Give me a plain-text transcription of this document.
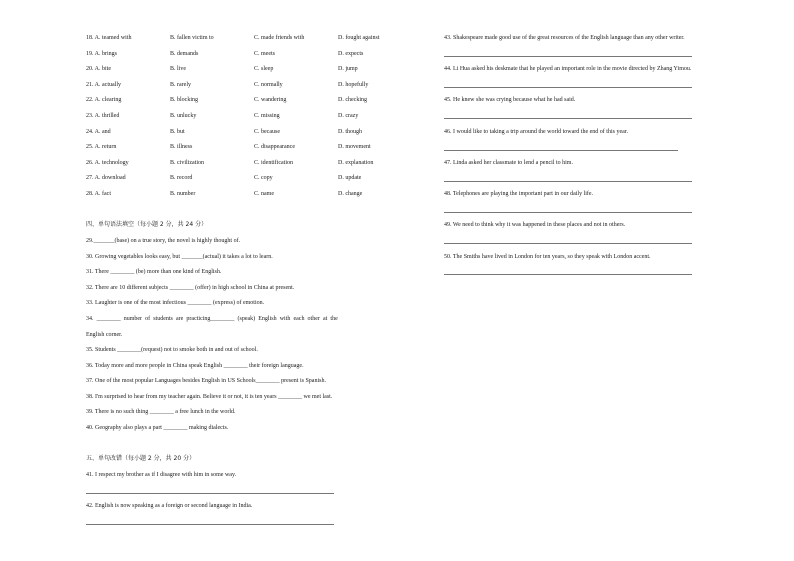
18. A. teamed with	B. fallen victim to	C. made friends with	D. fought against
19. A. brings	B. demands	C. meets	D. expects
20. A. bite	B. live	C. sleep	D. jump
21. A. actually	B. rarely	C. normally	D. hopefully
22. A. clearing	B. blocking	C. wandering	D. checking
23. A. thrilled	B. unlucky	C. missing	D. crazy
24. A. and	B. but	C. because	D. though
25. A. return	B. illness	C. disappearance	D. movement
26. A. technology	B. civilization	C. identification	D. explanation
27. A. download	B. record	C. copy	D. update
28. A. fact	B. number	C. name	D. change
四、单句语法填空（每小题 2 分，共 24 分）
29._______(base) on a true story, the novel is highly thought of.
30. Growing vegetables looks easy, but _______(actual) it takes a lot to learn.
31. There ________ (be) more than one kind of English.
32. There are 10 different subjects ________ (offer) in high school in China at present.
33. Laughter is one of the most infectious ________ (express) of emotion.
34. ________ number of students are practicing________ (speak) English with each other at the
English corner.
35. Students ________(request) not to smoke both in and out of school.
36. Today more and more people in China speak English ________ their foreign language.
37. One of the most popular Languages besides English in US Schools________ present is Spanish.
38. I'm surprised to hear from my teacher again. Believe it or not, it is ten years ________ we met last.
39. There is no such thing ________ a free lunch in the world.
40. Geography also plays a part ________ making dialects.
五、单句改错（每小题 2 分，共 20 分）
41. I respect my brother as if I disagree with him in some way.
42. English is now speaking as a foreign or second language in India.
43. Shakespeare made good use of the great resources of the English language than any other writer.
44. Li Hua asked his deskmate that he played an important role in the movie directed by Zhang Yimou.
45. He knew she was crying because what he had said.
46. I would like to taking a trip around the world toward the end of this year.
47. Linda asked her classmate to lend a pencil to him.
48. Telephones are playing the important part in our daily life.
49. We need to think why it was happened in these places and not in others.
50. The Smiths have lived in London for ten years, so they speak with London accent.
